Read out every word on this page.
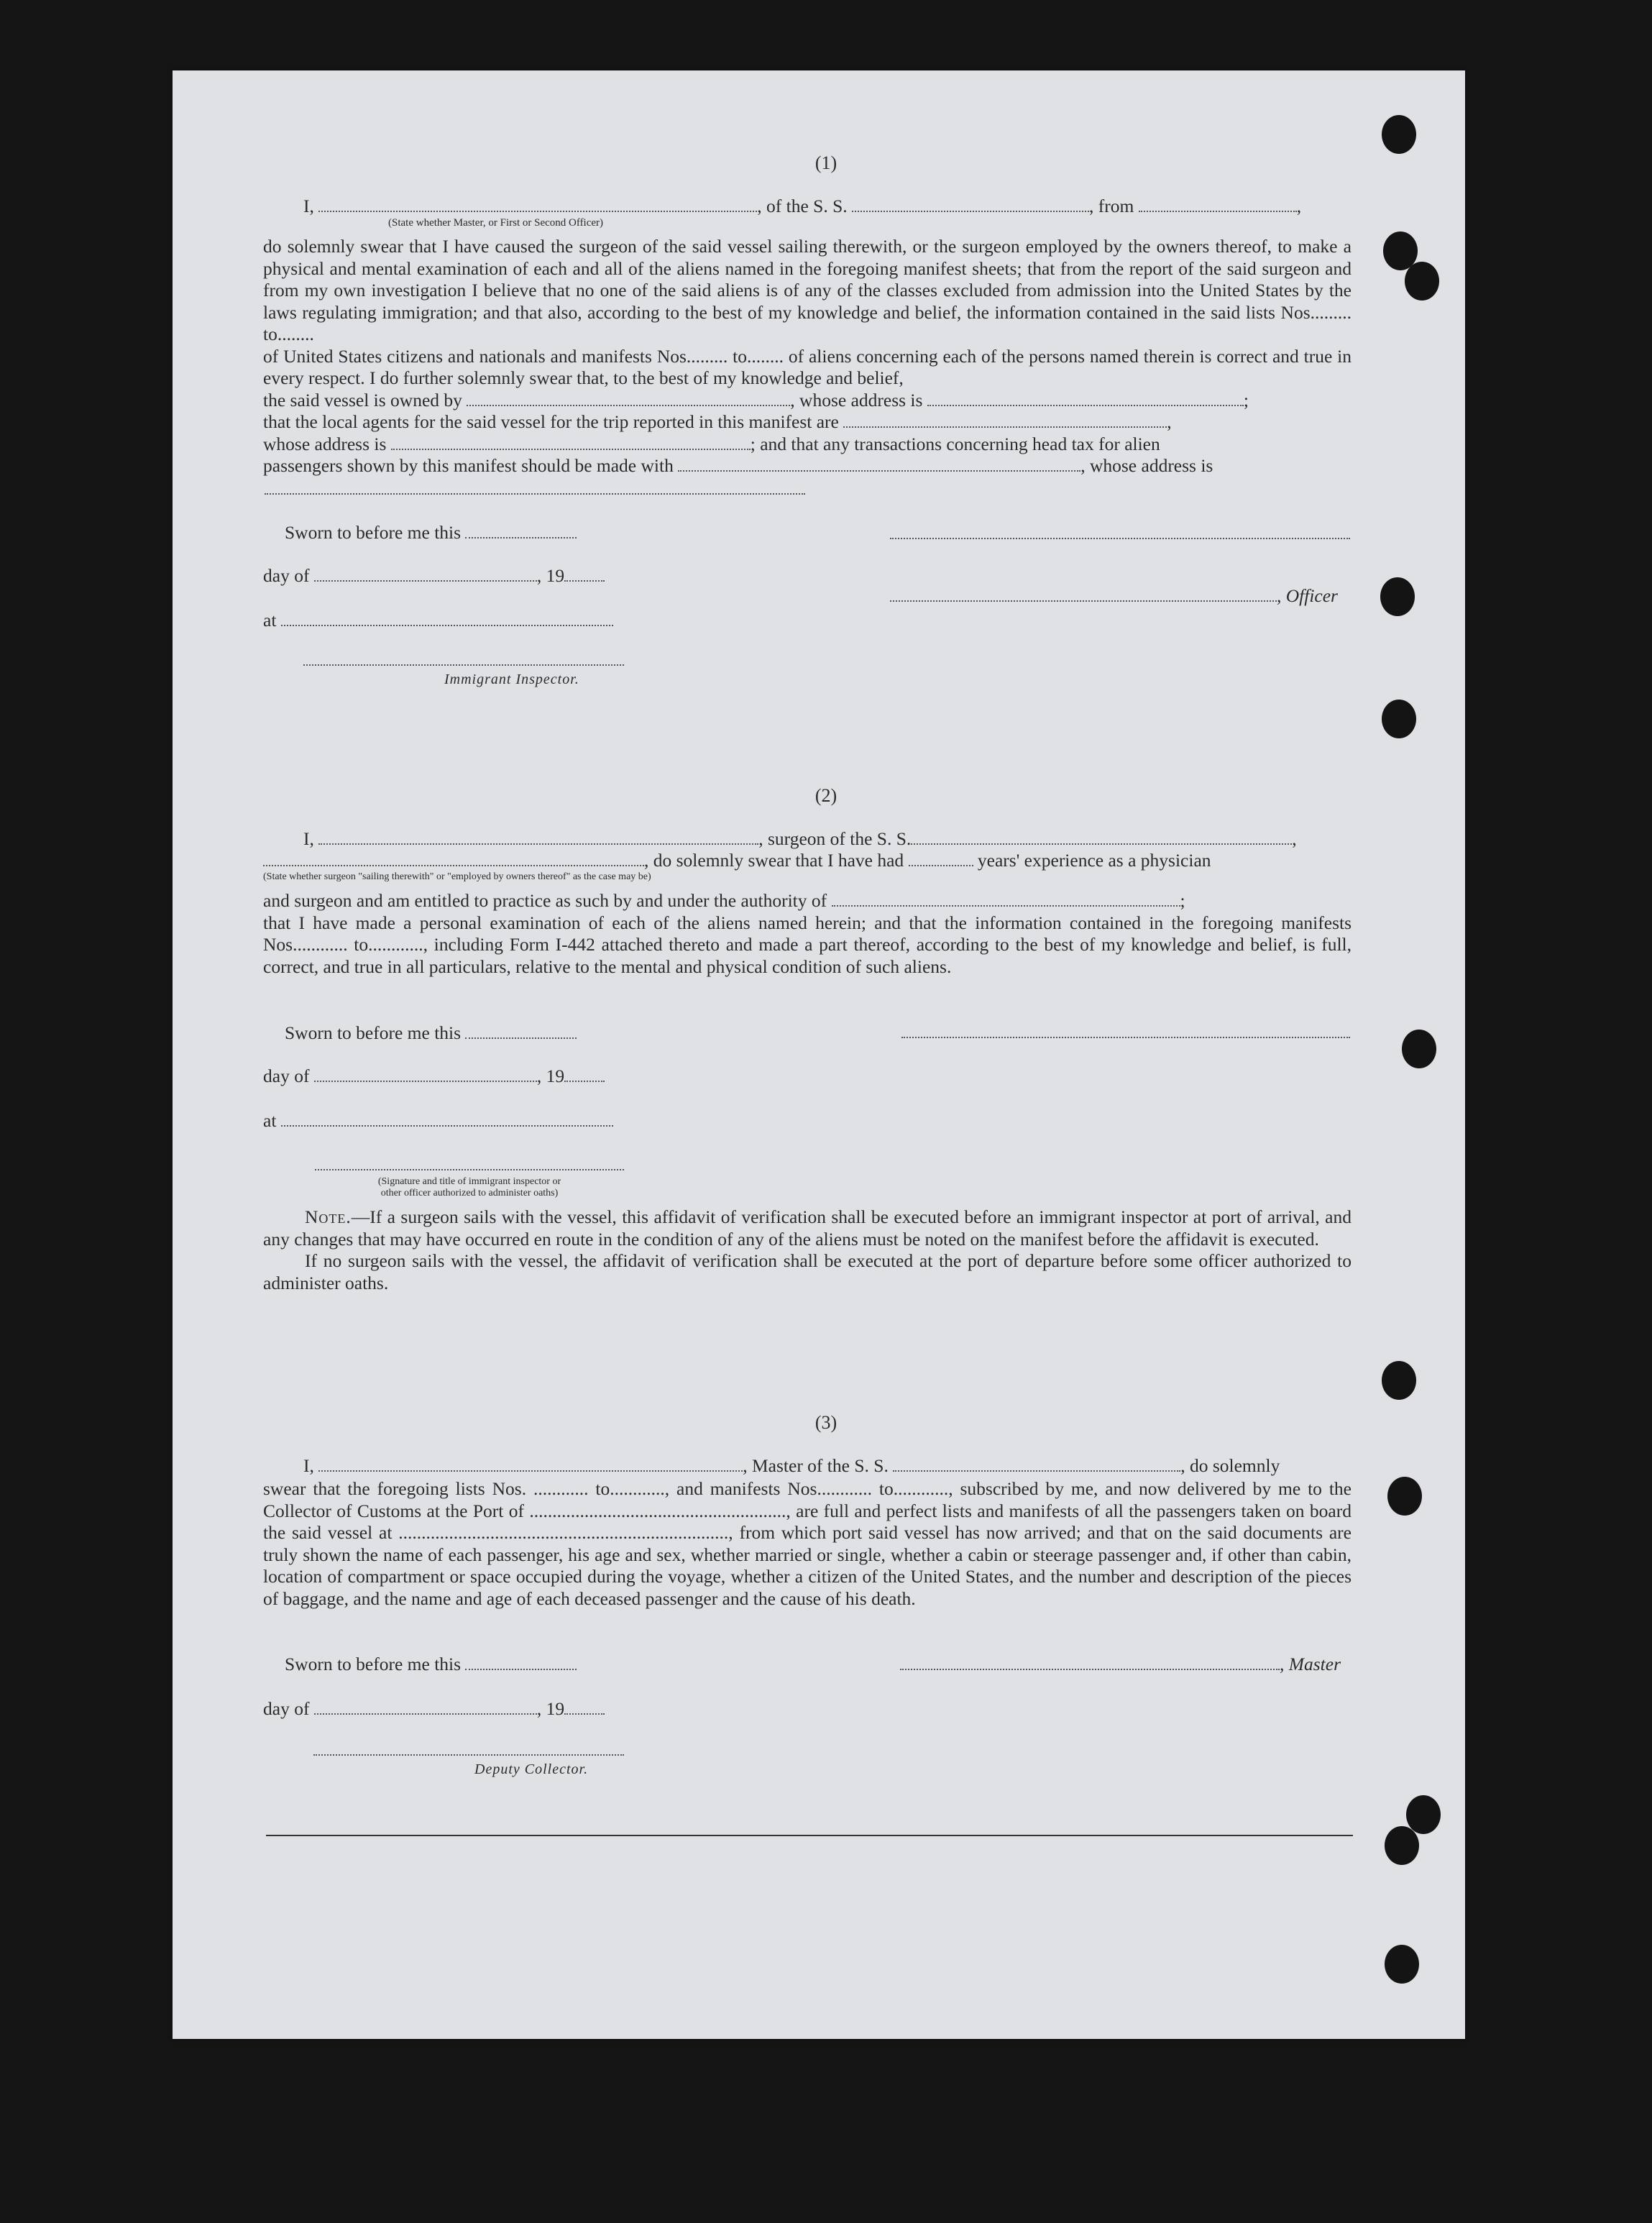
(1)
I,	, of the S. S.	, from	,
(State whether Master, or First or Second Officer)

do solemnly swear that I have caused the surgeon of the said vessel sailing therewith, or the surgeon employed by the owners thereof, to make a physical and mental examination of each and all of the aliens named in the foregoing manifest sheets; that from the report of the said surgeon and from my own investigation I believe that no one of the said aliens is of any of the classes excluded from admission into the United States by the laws regulating immigration; and that also, according to the best of my knowledge and belief, the information contained in the said lists Nos......... to........

of United States citizens and nationals and manifests Nos......... to........ of aliens concerning each of the persons named therein is correct and true in every respect. I do further solemnly swear that, to the best of my knowledge and belief,

the said vessel is owned by	, whose address is	;

that the local agents for the said vessel for the trip reported in this manifest are	,

whose address is	; and that any transactions concerning head tax for alien

passengers shown by this manifest should be made with	, whose address is

Sworn to before me this
day of	, 19
, Officer
at
Immigrant Inspector.
(2)
I,	, surgeon of the S. S.	,
, do solemnly swear that I have had	years' experience as a physician
(State whether surgeon "sailing therewith" or "employed by owners thereof" as the case may be)

and surgeon and am entitled to practice as such by and under the authority of	;

that I have made a personal examination of each of the aliens named herein; and that the information contained in the foregoing manifests Nos............ to............, including Form I-442 attached thereto and made a part thereof, according to the best of my knowledge and belief, is full, correct, and true in all particulars, relative to the mental and physical condition of such aliens.

Sworn to before me this
day of	, 19
at
(Signature and title of immigrant inspector or
other officer authorized to administer oaths)

Note.—If a surgeon sails with the vessel, this affidavit of verification shall be executed before an immigrant inspector at port of arrival, and any changes that may have occurred en route in the condition of any of the aliens must be noted on the manifest before the affidavit is executed.

If no surgeon sails with the vessel, the affidavit of verification shall be executed at the port of departure before some officer authorized to administer oaths.

(3)
I,	, Master of the S. S.	, do solemnly

swear that the foregoing lists Nos. ............ to............, and manifests Nos............ to............, subscribed by me, and now delivered by me to the Collector of Customs at the Port of ........................................................, are full and perfect lists and manifests of all the passengers taken on board the said vessel at ........................................................................, from which port said vessel has now arrived; and that on the said documents are truly shown the name of each passenger, his age and sex, whether married or single, whether a cabin or steerage passenger and, if other than cabin, location of compartment or space occupied during the voyage, whether a citizen of the United States, and the number and description of the pieces of baggage, and the name and age of each deceased passenger and the cause of his death.

Sworn to before me this	, Master
day of	, 19
Deputy Collector.
